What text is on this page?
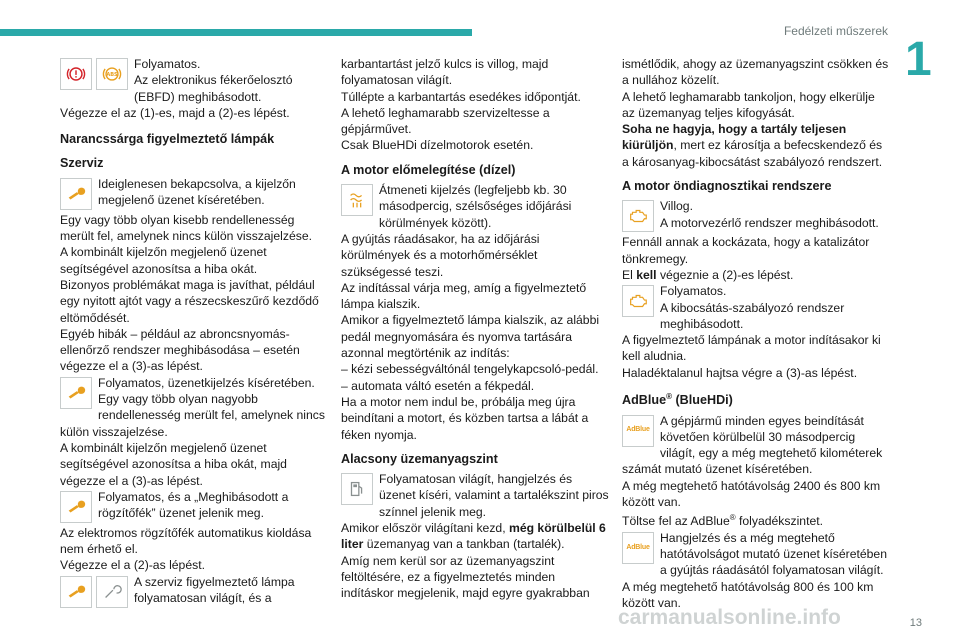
Fedélzeti műszerek
1
ABS

Folyamatos.

Az elektronikus fékerőelosztó (EBFD) meghibásodott.

Végezze el az (1)-es, majd a (2)-es lépést.

Narancssárga figyelmeztető lámpák

Szerviz

Ideiglenesen bekapcsolva, a kijelzőn megjelenő üzenet kíséretében.

Egy vagy több olyan kisebb rendellenesség merült fel, amelynek nincs külön visszajelzése.

A kombinált kijelzőn megjelenő üzenet segítségével azonosítsa a hiba okát.

Bizonyos problémákat maga is javíthat, például egy nyitott ajtót vagy a részecskeszűrő kezdődő eltömődését.

Egyéb hibák – például az abroncsnyomás-ellenőrző rendszer meghibásodása – esetén végezze el a (3)-as lépést.

Folyamatos, üzenetkijelzés kíséretében.

Egy vagy több olyan nagyobb rendellenesség merült fel, amelynek nincs külön visszajelzése.

A kombinált kijelzőn megjelenő üzenet segítségével azonosítsa a hiba okát, majd végezze el a (3)-as lépést.

Folyamatos, és a „Meghibásodott a rögzítőfék” üzenet jelenik meg.

Az elektromos rögzítőfék automatikus kioldása nem érhető el.

Végezze el a (2)-as lépést.

A szerviz figyelmeztető lámpa folyamatosan világít, és a

karbantartást jelző kulcs is villog, majd folyamatosan világít.

Túllépte a karbantartás esedékes időpontját.

A lehető leghamarabb szervizeltesse a gépjárművet.

Csak BlueHDi dízelmotorok esetén.

A motor előmelegítése (dízel)

Átmeneti kijelzés (legfeljebb kb. 30 másodpercig, szélsőséges időjárási körülmények között).

A gyújtás ráadásakor, ha az időjárási körülmények és a motorhőmérséklet szükségessé teszi.

Az indítással várja meg, amíg a figyelmeztető lámpa kialszik.

Amikor a figyelmeztető lámpa kialszik, az alábbi pedál megnyomására és nyomva tartására azonnal megtörténik az indítás:

– kézi sebességváltónál tengelykapcsoló-pedál.

– automata váltó esetén a fékpedál.

Ha a motor nem indul be, próbálja meg újra beindítani a motort, és közben tartsa a lábát a féken nyomja.

Alacsony üzemanyagszint

Folyamatosan világít, hangjelzés és üzenet kíséri, valamint a tartalékszint piros színnel jelenik meg.

Amikor először világítani kezd, még körülbelül 6 liter üzemanyag van a tankban (tartalék).

Amíg nem kerül sor az üzemanyagszint feltöltésére, ez a figyelmeztetés minden indításkor megjelenik, majd egyre gyakrabban

ismétlődik, ahogy az üzemanyagszint csökken és a nullához közelít.

A lehető leghamarabb tankoljon, hogy elkerülje az üzemanyag teljes kifogyását.

Soha ne hagyja, hogy a tartály teljesen kiürüljön, mert ez károsítja a befecskendező és a károsanyag-kibocsátást szabályozó rendszert.

A motor öndiagnosztikai rendszere

Villog.

A motorvezérlő rendszer meghibásodott.

Fennáll annak a kockázata, hogy a katalizátor tönkremegy.

El kell végeznie a (2)-es lépést.

Folyamatos.

A kibocsátás-szabályozó rendszer meghibásodott.

A figyelmeztető lámpának a motor indításakor ki kell aludnia.

Haladéktalanul hajtsa végre a (3)-as lépést.

AdBlue® (BlueHDi)

AdBlue

A gépjármű minden egyes beindítását követően körülbelül 30 másodpercig világít, egy a még megtehető kilométerek számát mutató üzenet kíséretében.

A még megtehető hatótávolság 2400 és 800 km között van.

Töltse fel az AdBlue® folyadékszintet.

AdBlue

Hangjelzés és a még megtehető hatótávolságot mutató üzenet kíséretében a gyújtás ráadásától folyamatosan világít.

A még megtehető hatótávolság 800 és 100 km között van.

carmanualsonline.info	13
